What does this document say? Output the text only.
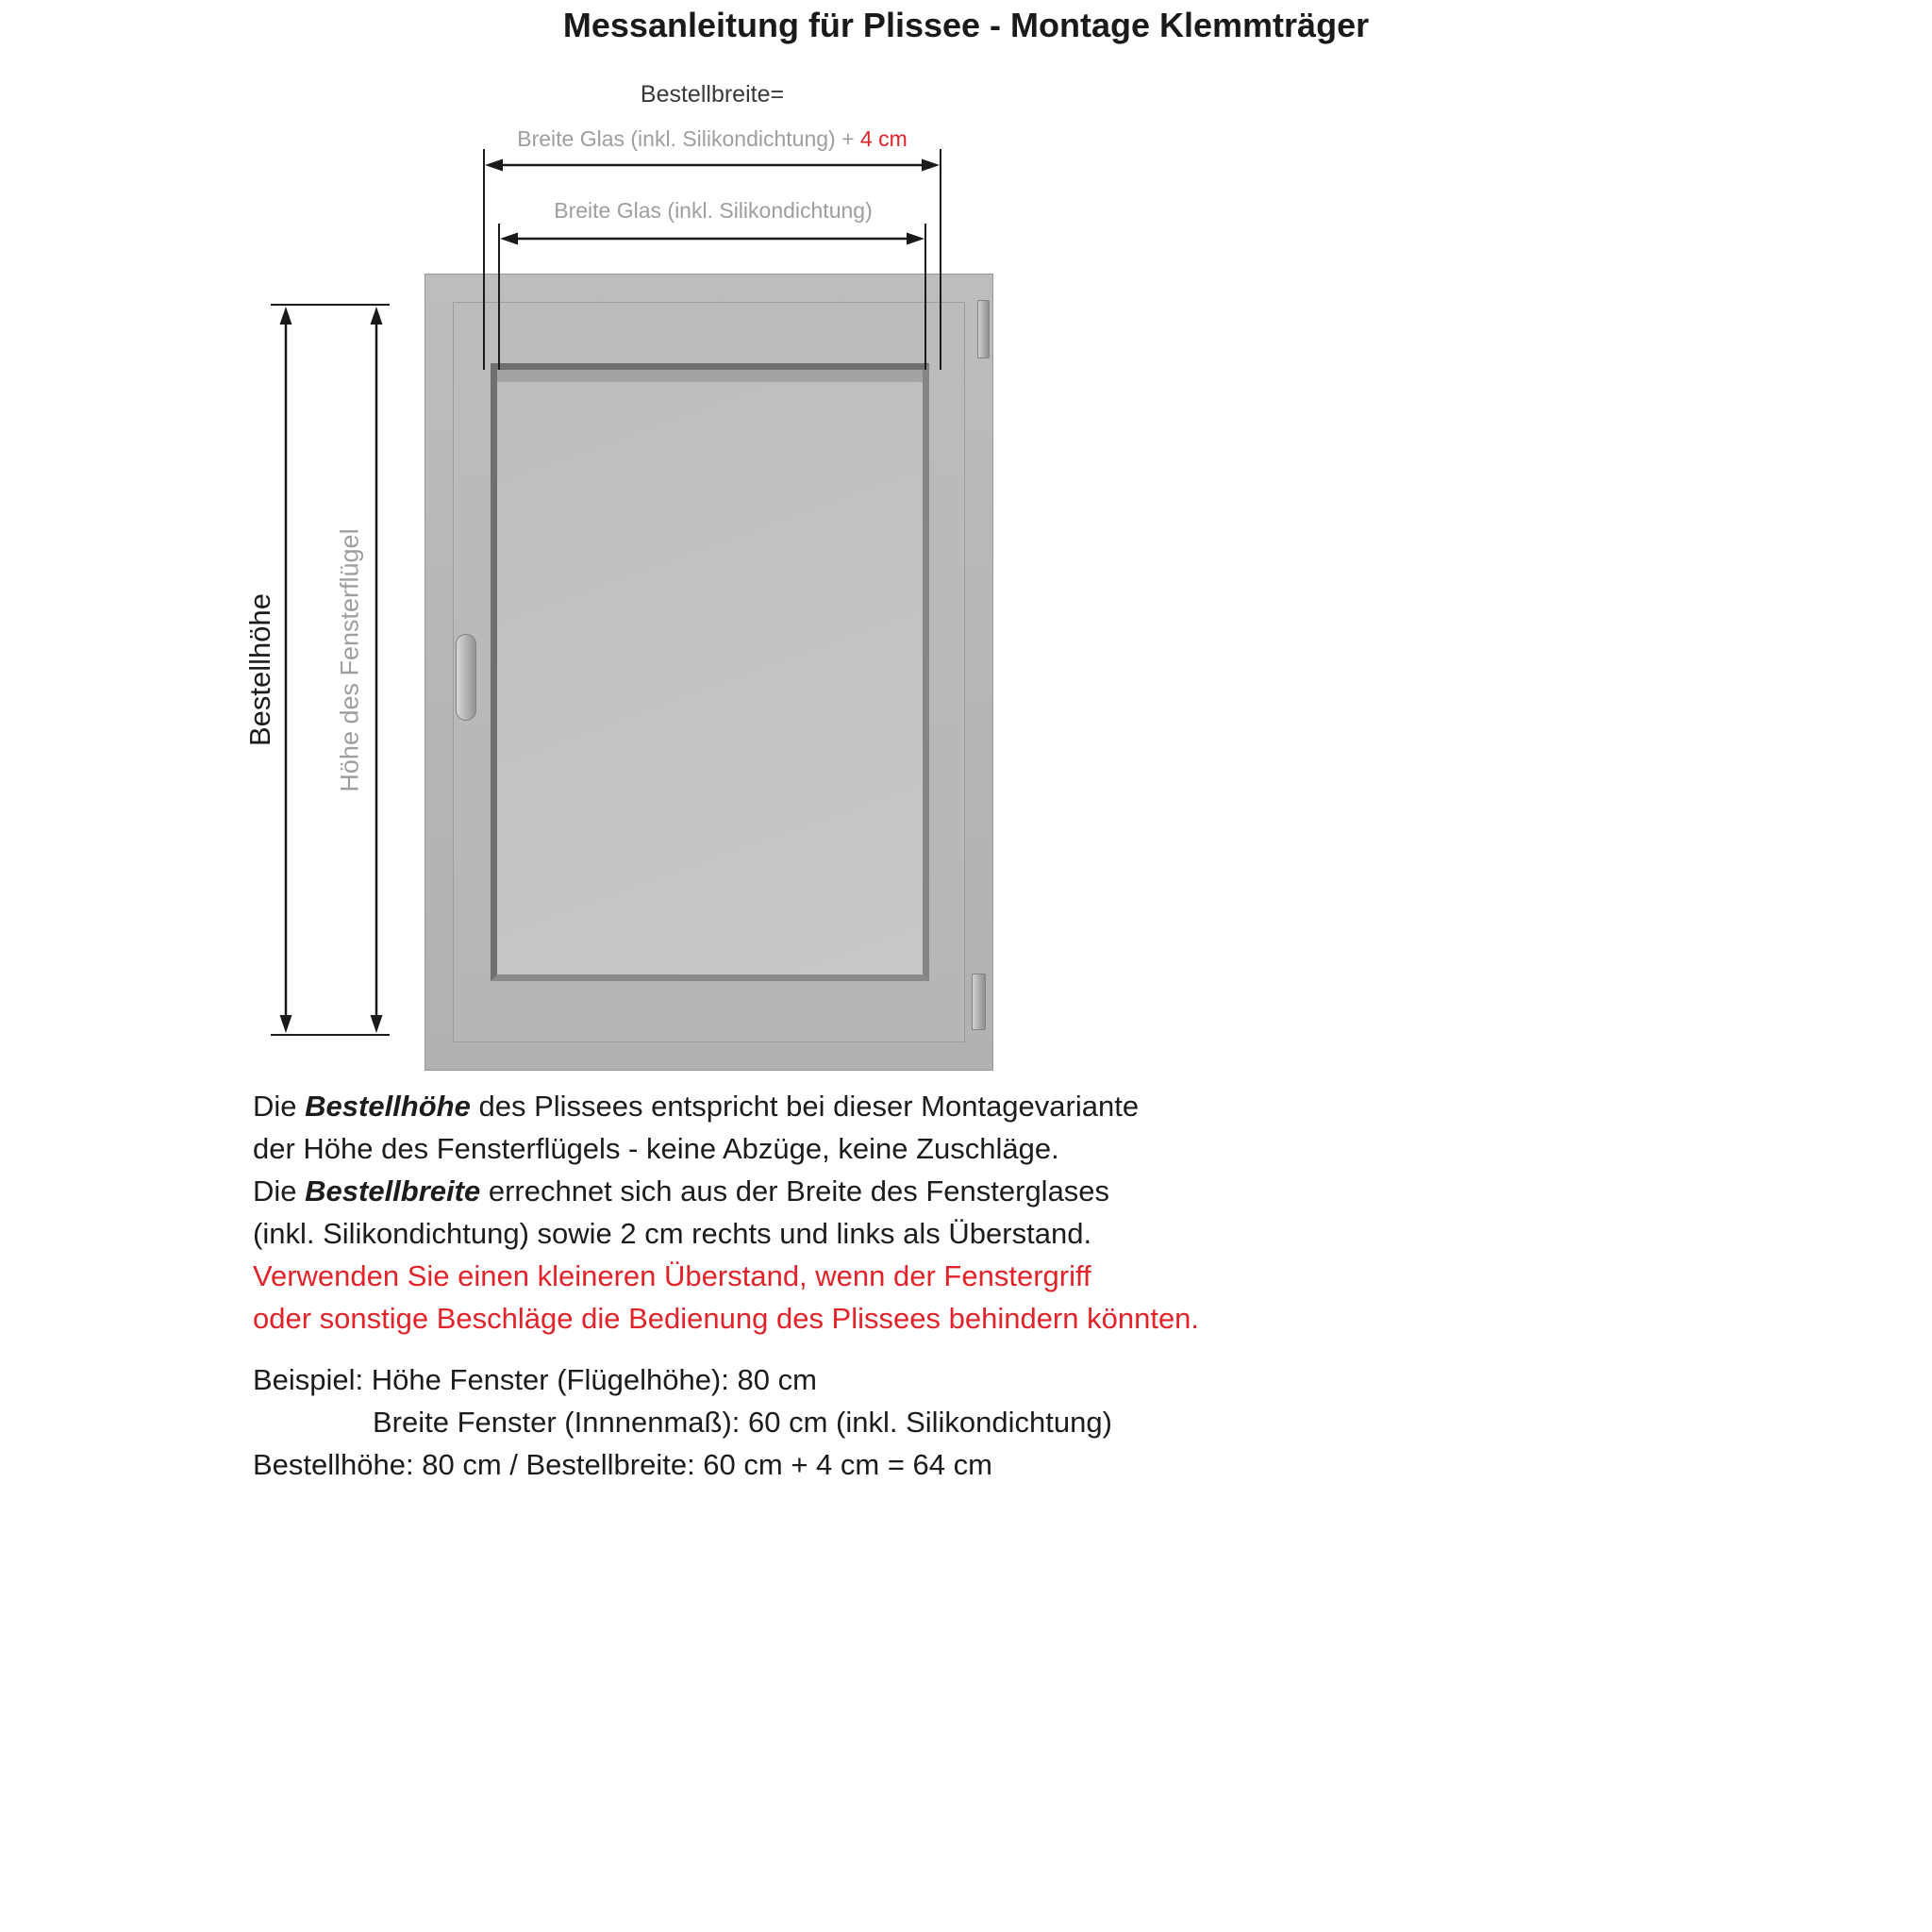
Messanleitung für Plissee - Montage Klemmträger
Bestellbreite=
Breite Glas (inkl. Silikondichtung) + 4 cm
Breite Glas (inkl. Silikondichtung)
Bestellhöhe Höhe des Fensterflügel
Die Bestellhöhe des Plissees entspricht bei dieser Montagevariante
der Höhe des Fensterflügels - keine Abzüge, keine Zuschläge.
Die Bestellbreite errechnet sich aus der Breite des Fensterglases
(inkl. Silikondichtung) sowie 2 cm rechts und links als Überstand.
Verwenden Sie einen kleineren Überstand, wenn der Fenstergriff
oder sonstige Beschläge die Bedienung des Plissees behindern könnten.
Beispiel: Höhe Fenster (Flügelhöhe): 80 cm
Breite Fenster (Innnenmaß): 60 cm (inkl. Silikondichtung)
Bestellhöhe: 80 cm / Bestellbreite: 60 cm + 4 cm = 64 cm
